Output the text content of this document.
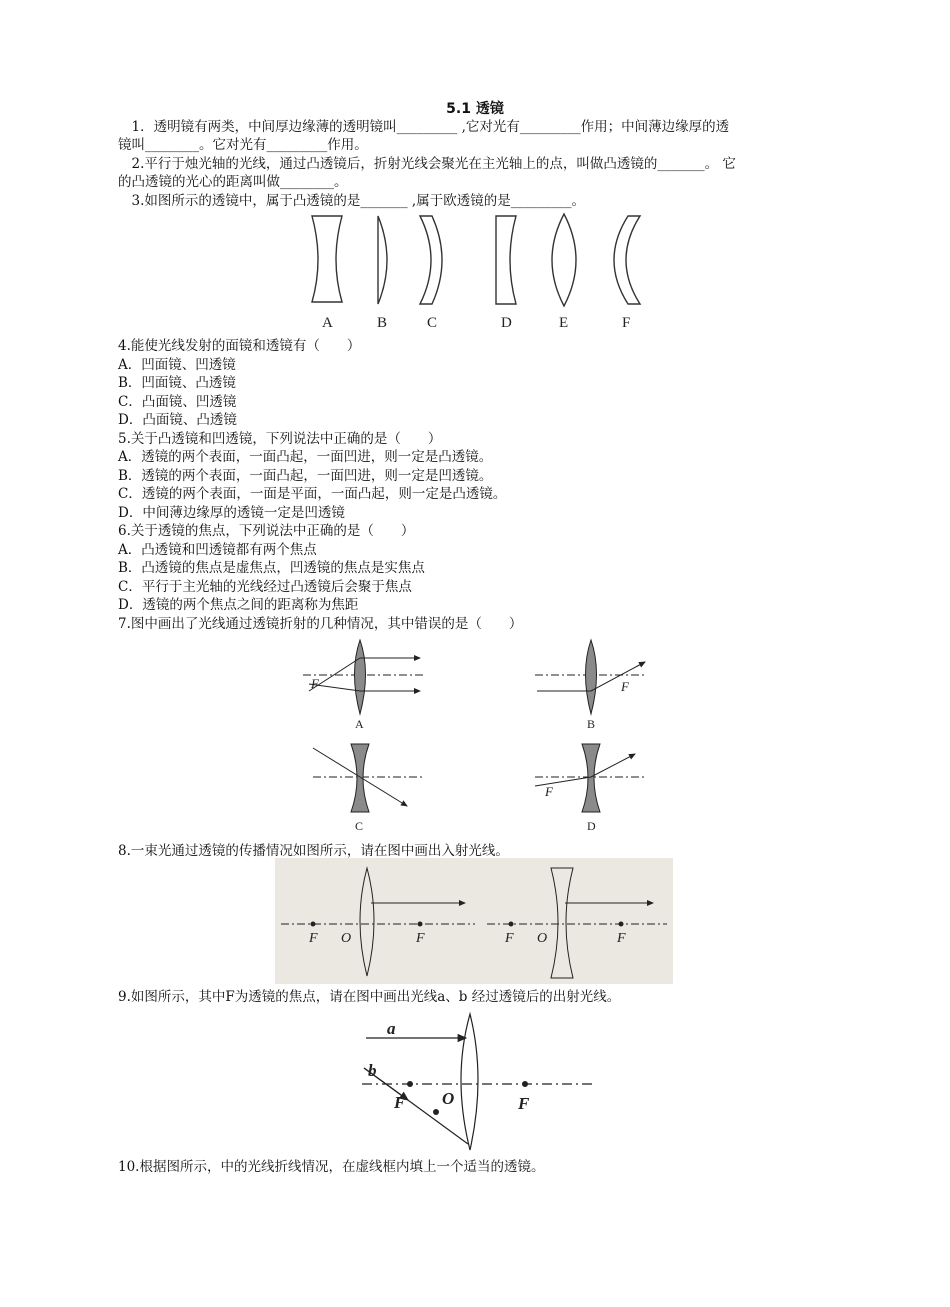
5.1 透镜
　1．透明镜有两类，中间厚边缘薄的透明镜叫_________ ,它对光有_________作用；中间薄边缘厚的透
镜叫________。它对光有_________作用。
　2.平行于烛光轴的光线，通过凸透镜后，折射光线会聚光在主光轴上的点，叫做凸透镜的_______。 它
的凸透镜的光心的距离叫做________。
　3.如图所示的透镜中，属于凸透镜的是_______ ,属于欧透镜的是_________。
A	B	C	D	E	F
4.能使光线发射的面镜和透镜有（　　）
A．凹面镜、凹透镜
B．凹面镜、凸透镜
C．凸面镜、凹透镜
D．凸面镜、凸透镜
5.关于凸透镜和凹透镜，下列说法中正确的是（　　）
A．透镜的两个表面，一面凸起，一面凹进，则一定是凸透镜。
B．透镜的两个表面，一面凸起，一面凹进，则一定是凹透镜。
C．透镜的两个表面，一面是平面，一面凸起，则一定是凸透镜。
D．中间薄边缘厚的透镜一定是凹透镜
6.关于透镜的焦点，下列说法中正确的是（　　）
A．凸透镜和凹透镜都有两个焦点
B．凸透镜的焦点是虚焦点，凹透镜的焦点是实焦点
C．平行于主光轴的光线经过凸透镜后会聚于焦点
D．透镜的两个焦点之间的距离称为焦距
7.图中画出了光线通过透镜折射的几种情况，其中错误的是（　　）
F	F
F
A	B
C	D
8.一束光通过透镜的传播情况如图所示，请在图中画出入射光线。
F O	F	F O	F
9.如图所示，其中F为透镜的焦点，请在图中画出光线a、b 经过透镜后的出射光线。
a
b
F O	F
10.根据图所示，中的光线折线情况，在虚线框内填上一个适当的透镜。
